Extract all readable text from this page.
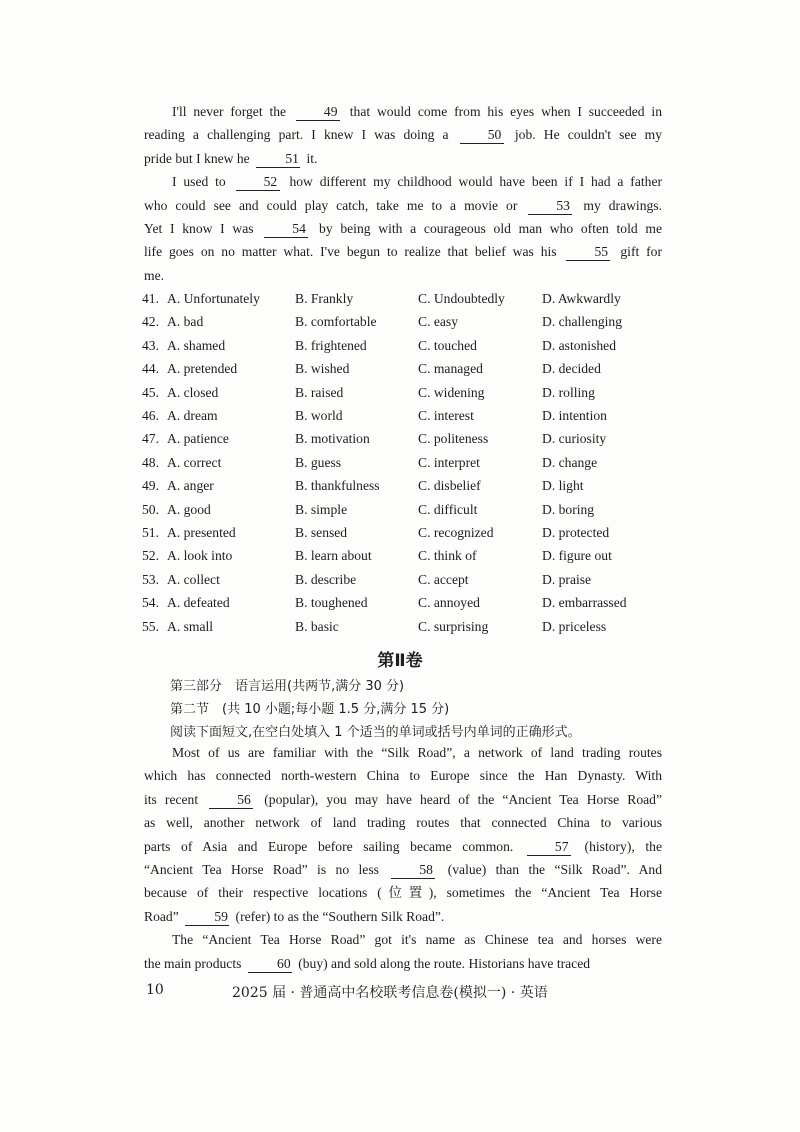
I'll never forget the	49 that would come from his eyes when I succeeded in
reading a challenging part. I knew I was doing a	50 job. He couldn't see my
pride but I knew he	51 it.

I used to	52 how different my childhood would have been if I had a father
who could see and could play catch, take me to a movie or	53 my drawings.
Yet I know I was	54 by being with a courageous old man who often told me
life goes on no matter what. I've begun to realize that belief was his	55 gift for
me.

41. A. Unfortunately	B. Frankly	C. Undoubtedly	D. Awkwardly
42. A. bad	B. comfortable	C. easy	D. challenging
43. A. shamed	B. frightened	C. touched	D. astonished
44. A. pretended	B. wished	C. managed	D. decided
45. A. closed	B. raised	C. widening	D. rolling
46. A. dream	B. world	C. interest	D. intention
47. A. patience	B. motivation	C. politeness	D. curiosity
48. A. correct	B. guess	C. interpret	D. change
49. A. anger	B. thankfulness	C. disbelief	D. light
50. A. good	B. simple	C. difficult	D. boring
51. A. presented	B. sensed	C. recognized	D. protected
52. A. look into	B. learn about	C. think of	D. figure out
53. A. collect	B. describe	C. accept	D. praise
54. A. defeated	B. toughened	C. annoyed	D. embarrassed
55. A. small	B. basic	C. surprising	D. priceless
第Ⅱ卷
第三部分　语言运用(共两节,满分 30 分)
第二节　(共 10 小题;每小题 1.5 分,满分 15 分)
阅读下面短文,在空白处填入 1 个适当的单词或括号内单词的正确形式。

Most of us are familiar with the “Silk Road”, a network of land trading routes
which has connected north-western China to Europe since the Han Dynasty. With
its recent	56 (popular), you may have heard of the “Ancient Tea Horse Road”
as well, another network of land trading routes that connected China to various
parts of Asia and Europe before sailing became common.	57 (history), the
“Ancient Tea Horse Road” is no less	58 (value) than the “Silk Road”. And
because of their respective locations (位置), sometimes the “Ancient Tea Horse
Road”	59 (refer) to as the “Southern Silk Road”.

The “Ancient Tea Horse Road” got it's name as Chinese tea and horses were
the main products	60 (buy) and sold along the route. Historians have traced

10	2025 届 · 普通高中名校联考信息卷(模拟一) · 英语
